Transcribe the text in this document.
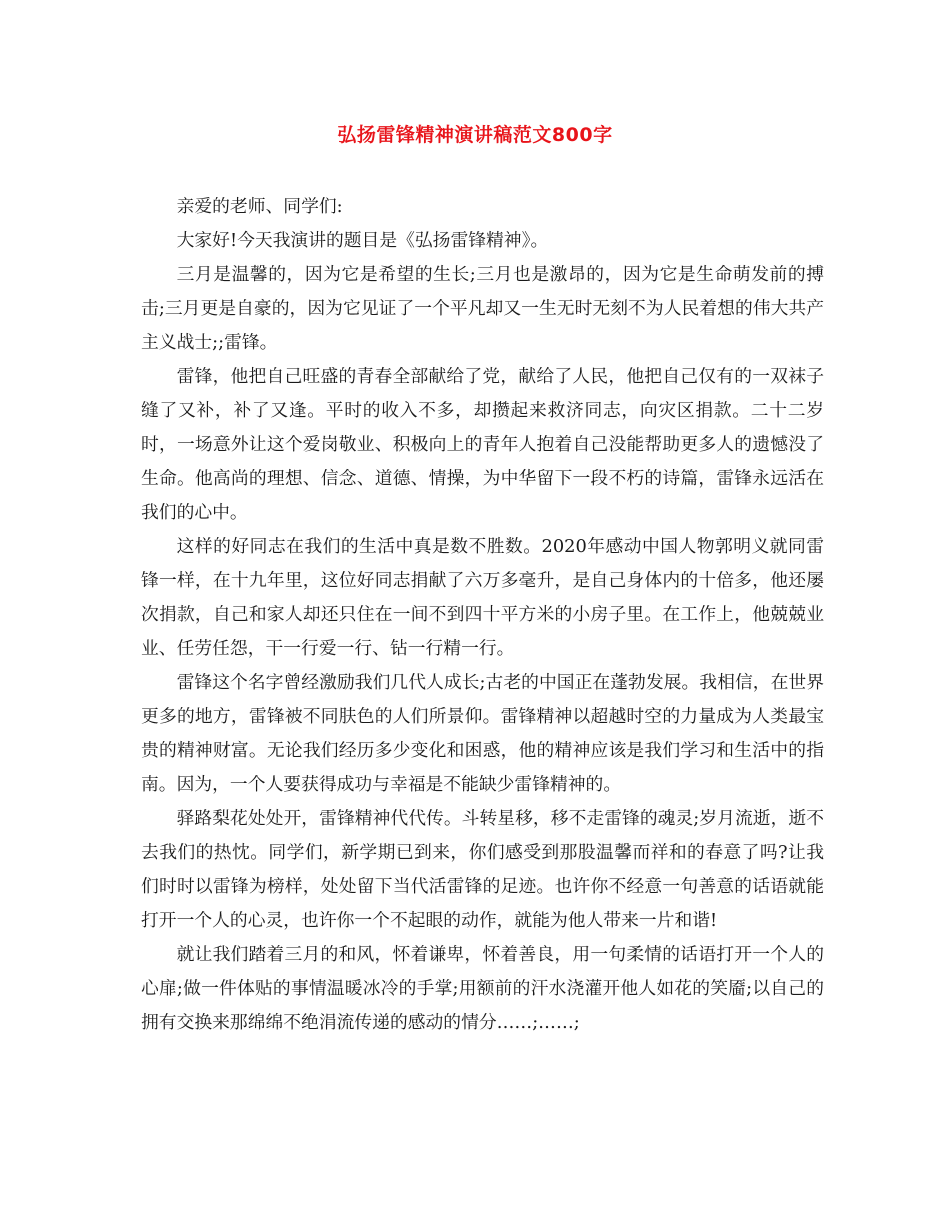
弘扬雷锋精神演讲稿范文800字

亲爱的老师、同学们:

大家好!今天我演讲的题目是《弘扬雷锋精神》。

三月是温馨的，因为它是希望的生长;三月也是激昂的，因为它是生命萌发前的搏击;三月更是自豪的，因为它见证了一个平凡却又一生无时无刻不为人民着想的伟大共产主义战士;;雷锋。

雷锋，他把自己旺盛的青春全部献给了党，献给了人民，他把自己仅有的一双袜子缝了又补，补了又逢。平时的收入不多，却攒起来救济同志，向灾区捐款。二十二岁时，一场意外让这个爱岗敬业、积极向上的青年人抱着自己没能帮助更多人的遗憾没了生命。他高尚的理想、信念、道德、情操，为中华留下一段不朽的诗篇，雷锋永远活在我们的心中。

这样的好同志在我们的生活中真是数不胜数。2020年感动中国人物郭明义就同雷锋一样，在十九年里，这位好同志捐献了六万多毫升，是自己身体内的十倍多，他还屡次捐款，自己和家人却还只住在一间不到四十平方米的小房子里。在工作上，他兢兢业业、任劳任怨，干一行爱一行、钻一行精一行。

雷锋这个名字曾经激励我们几代人成长;古老的中国正在蓬勃发展。我相信，在世界更多的地方，雷锋被不同肤色的人们所景仰。雷锋精神以超越时空的力量成为人类最宝贵的精神财富。无论我们经历多少变化和困惑，他的精神应该是我们学习和生活中的指南。因为，一个人要获得成功与幸福是不能缺少雷锋精神的。

驿路梨花处处开，雷锋精神代代传。斗转星移，移不走雷锋的魂灵;岁月流逝，逝不去我们的热忱。同学们，新学期已到来，你们感受到那股温馨而祥和的春意了吗?让我们时时以雷锋为榜样，处处留下当代活雷锋的足迹。也许你不经意一句善意的话语就能打开一个人的心灵，也许你一个不起眼的动作，就能为他人带来一片和谐!

就让我们踏着三月的和风，怀着谦卑，怀着善良，用一句柔情的话语打开一个人的心扉;做一件体贴的事情温暖冰冷的手掌;用额前的汗水浇灌开他人如花的笑靥;以自己的拥有交换来那绵绵不绝涓流传递的感动的情分……;……;
